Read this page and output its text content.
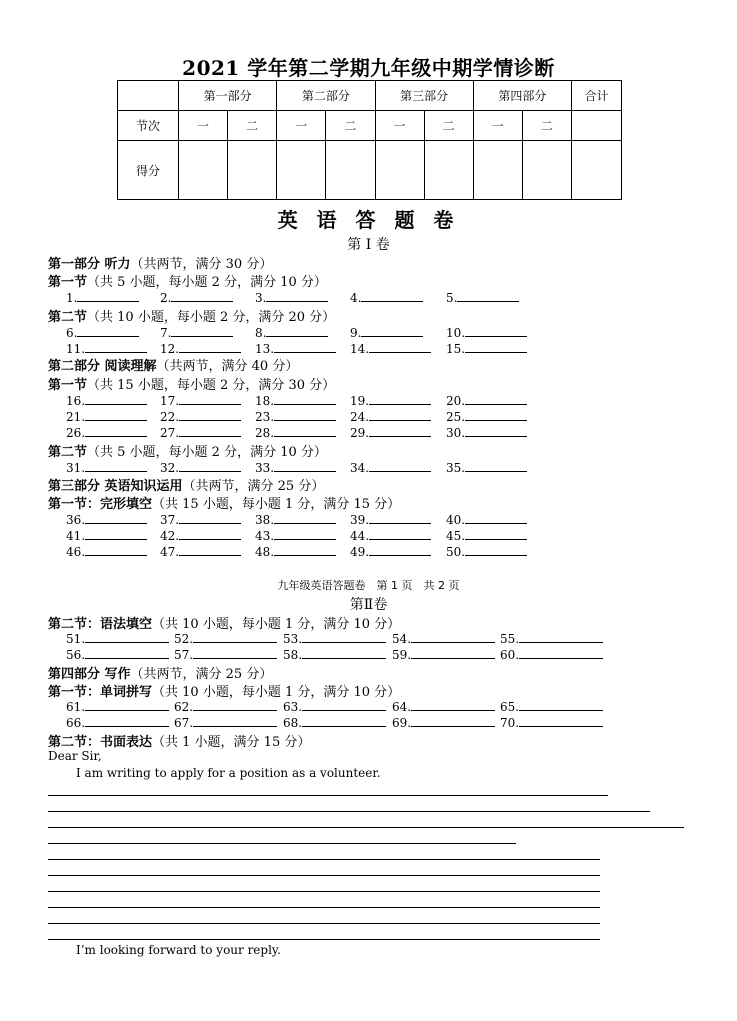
2021 学年第二学期九年级中期学情诊断
	第一部分		第二部分		第三部分		第四部分		合计
节次	一	二	一	二	一	二	一	二	
得分									
英 语 答 题 卷
第 I 卷
第一部分 听力（共两节，满分 30 分）
第一节（共 5 小题，每小题 2 分，满分 10 分）
第二节（共 10 小题，每小题 2 分，满分 20 分）
第二部分 阅读理解（共两节，满分 40 分）
第一节（共 15 小题，每小题 2 分，满分 30 分）
第二节（共 5 小题，每小题 2 分，满分 10 分）
第三部分 英语知识运用（共两节，满分 25 分）
第一节：完形填空（共 15 小题，每小题 1 分，满分 15 分）
九年级英语答题卷　第 1 页　共 2 页
第Ⅱ卷
第二节：语法填空（共 10 小题，每小题 1 分，满分 10 分）
第四部分 写作（共两节，满分 25 分）
第一节：单词拼写（共 10 小题，每小题 1 分，满分 10 分）
第二节：书面表达（共 1 小题，满分 15 分）
Dear Sir,
I am writing to apply for a position as a volunteer.
I’m looking forward to your reply.
1.	2.	3.	4.	5.
6.	7.	8.	9.	10.
11.	12.	13.	14.	15.
16.	17.	18.	19.	20.
21.	22.	23.	24.	25.
26.	27.	28.	29.	30.
31.	32.	33.	34.	35.
36.	37.	38.	39.	40.
41.	42.	43.	44.	45.
46.	47.	48.	49.	50.
51.	52.	53.	54.	55.
56.	57.	58.	59.	60.
61.	62.	63.	64.	65.
66.	67.	68.	69.	70.
